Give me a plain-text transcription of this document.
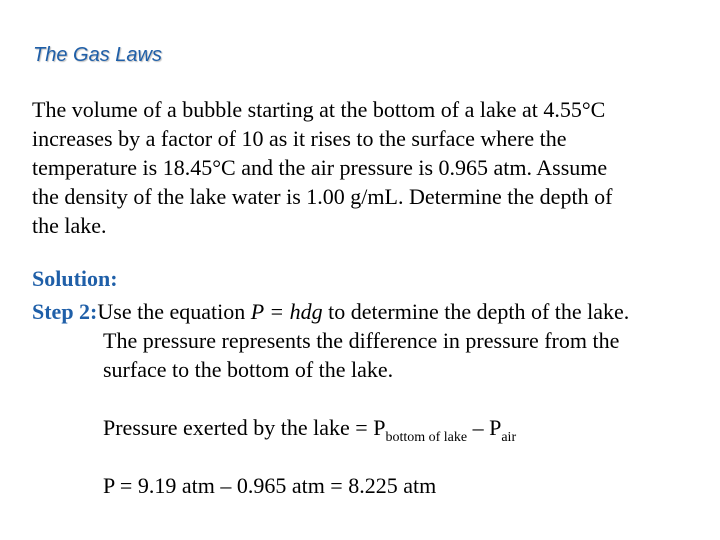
The Gas Laws
The volume of a bubble starting at the bottom of a lake at 4.55°C
increases by a factor of 10 as it rises to the surface where the
temperature is 18.45°C and the air pressure is 0.965 atm. Assume
the density of the lake water is 1.00 g/mL. Determine the depth of
the lake.
Solution:
Step 2:Use the equation P = hdg to determine the depth of the lake.
The pressure represents the difference in pressure from the
surface to the bottom of the lake.
Pressure exerted by the lake = $P_{bottom of lake} - P_{air}$
P = 9.19 atm – 0.965 atm = 8.225 atm
